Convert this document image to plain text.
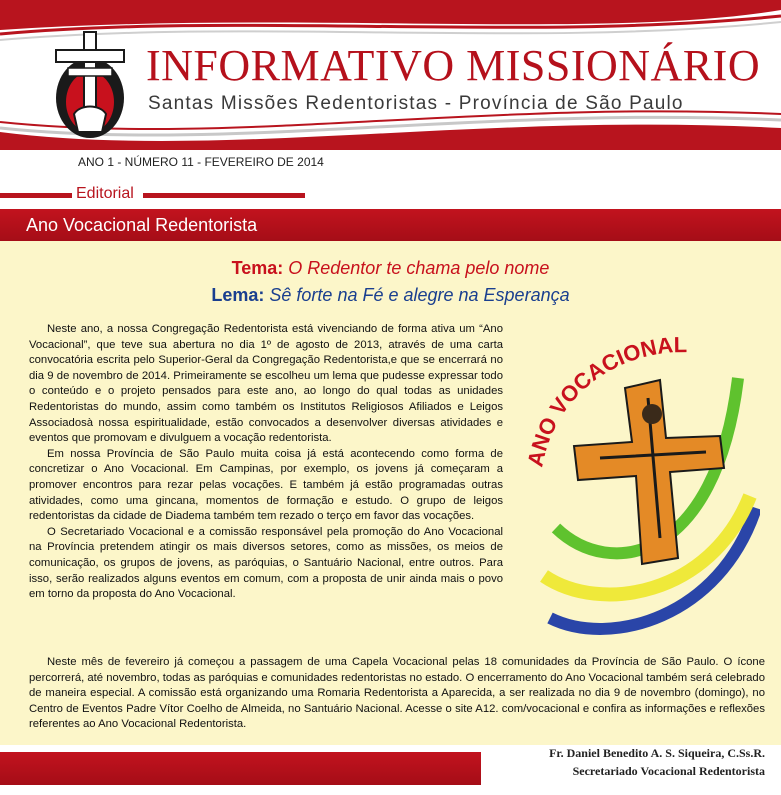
INFORMATIVO MISSIONÁRIO
Santas Missões Redentoristas - Província de São Paulo
ANO 1 - NÚMERO 11 - FEVEREIRO DE 2014
Editorial
Ano Vocacional Redentorista
Tema: O Redentor te chama pelo nome
Lema: Sê forte na Fé e alegre na Esperança

Neste ano, a nossa Congregação Redentorista está vivenciando de forma ativa um “Ano Vocacional”, que teve sua abertura no dia 1º de agosto de 2013, através de uma carta convocatória escrita pelo Superior-Geral da Congregação Redentorista,e que se encerrará no dia 9 de novembro de 2014. Primeiramente se escolheu um lema que pudesse expressar todo o conteúdo e o projeto pensados para este ano, ao longo do qual todas as unidades Redentoristas do mundo, assim como também os Institutos Religiosos Afiliados e Leigos Associadosà nossa espiritualidade, estão convocados a desenvolver diversas atividades e eventos que promovam e divulguem a vocação redentorista.

Em nossa Província de São Paulo muita coisa já está acontecendo como forma de concretizar o Ano Vocacional. Em Campinas, por exemplo, os jovens já começaram a promover encontros para rezar pelas vocações. E também já estão programadas outras atividades, como uma gincana, momentos de formação e estudo. O grupo de leigos redentoristas da cidade de Diadema também tem rezado o terço em favor das vocações.

O Secretariado Vocacional e a comissão responsável pela promoção do Ano Vocacional na Província pretendem atingir os mais diversos setores, como as missões, os meios de comunicação, os grupos de jovens, as paróquias, o Santuário Nacional, entre outros. Para isso, serão realizados alguns eventos em comum, com a proposta de unir ainda mais o povo em torno da proposta do Ano Vocacional.

ANO VOCACIONAL

Neste mês de fevereiro já começou a passagem de uma Capela Vocacional pelas 18 comunidades da Província de São Paulo. O ícone percorrerá, até novembro, todas as paróquias e comunidades redentoristas no estado. O encerramento do Ano Vocacional também será celebrado de maneira especial. A comissão está organizando uma Romaria Redentorista a Aparecida, a ser realizada no dia 9 de novembro (domingo), no Centro de Eventos Padre Vítor Coelho de Almeida, no Santuário Nacional. Acesse o site A12. com/vocacional e confira as informações e reflexões referentes ao Ano Vocacional Redentorista.

Fr. Daniel Benedito A. S. Siqueira, C.Ss.R.
Secretariado Vocacional Redentorista
